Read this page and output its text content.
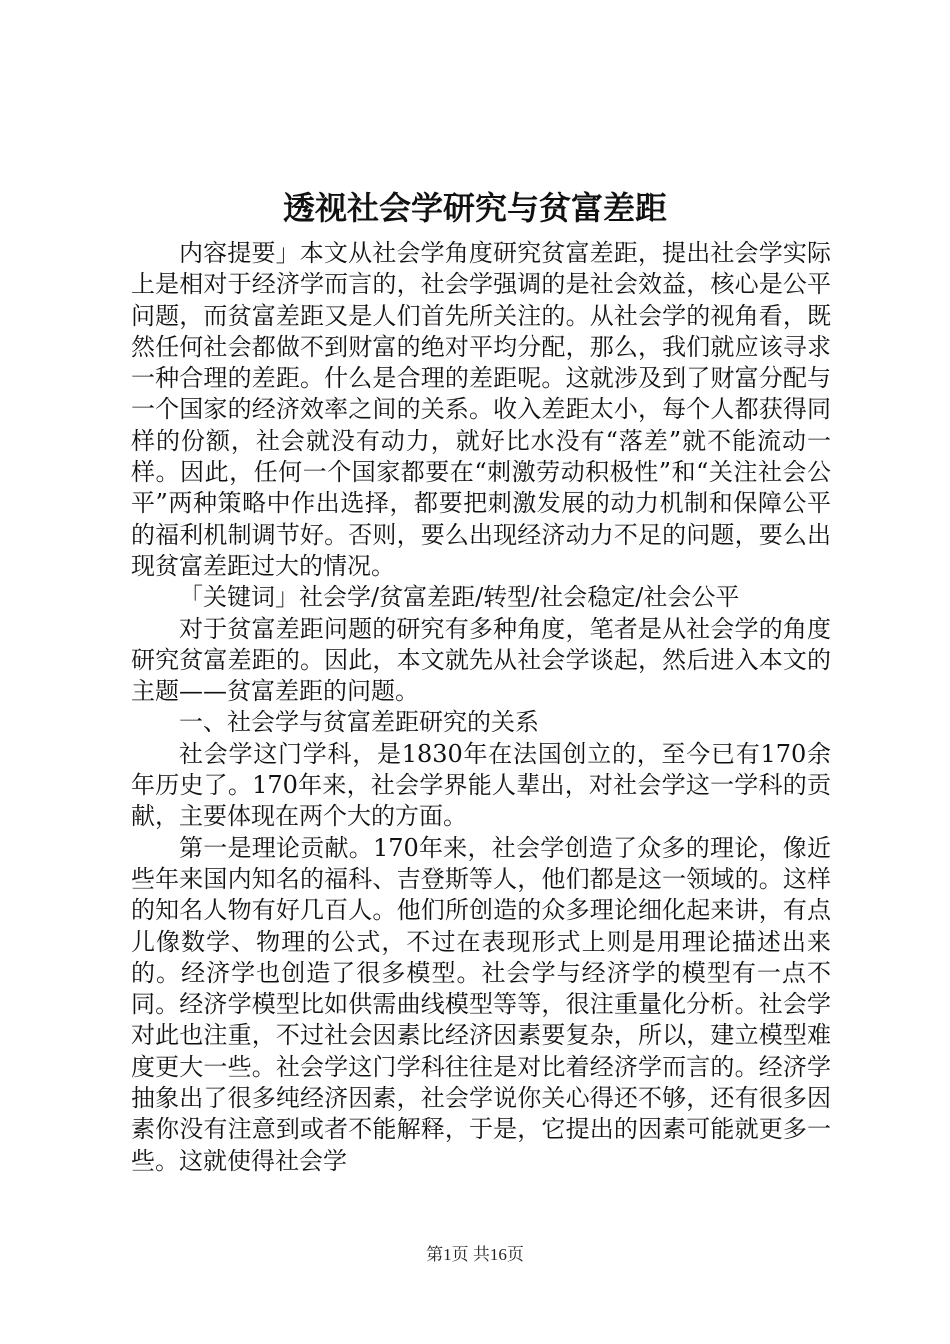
透视社会学研究与贫富差距

内容提要」本文从社会学角度研究贫富差距，提出社会学实际上是相对于经济学而言的，社会学强调的是社会效益，核心是公平问题，而贫富差距又是人们首先所关注的。从社会学的视角看，既然任何社会都做不到财富的绝对平均分配，那么，我们就应该寻求一种合理的差距。什么是合理的差距呢。这就涉及到了财富分配与一个国家的经济效率之间的关系。收入差距太小，每个人都获得同样的份额，社会就没有动力，就好比水没有“落差”就不能流动一样。因此，任何一个国家都要在“刺激劳动积极性”和“关注社会公平”两种策略中作出选择，都要把刺激发展的动力机制和保障公平的福利机制调节好。否则，要么出现经济动力不足的问题，要么出现贫富差距过大的情况。

「关键词」社会学/贫富差距/转型/社会稳定/社会公平

对于贫富差距问题的研究有多种角度，笔者是从社会学的角度研究贫富差距的。因此，本文就先从社会学谈起，然后进入本文的主题——贫富差距的问题。

一、社会学与贫富差距研究的关系

社会学这门学科，是1830年在法国创立的，至今已有170余年历史了。170年来，社会学界能人辈出，对社会学这一学科的贡献，主要体现在两个大的方面。

第一是理论贡献。170年来，社会学创造了众多的理论，像近些年来国内知名的福科、吉登斯等人，他们都是这一领域的。这样的知名人物有好几百人。他们所创造的众多理论细化起来讲，有点儿像数学、物理的公式，不过在表现形式上则是用理论描述出来的。经济学也创造了很多模型。社会学与经济学的模型有一点不同。经济学模型比如供需曲线模型等等，很注重量化分析。社会学对此也注重，不过社会因素比经济因素要复杂，所以，建立模型难度更大一些。社会学这门学科往往是对比着经济学而言的。经济学抽象出了很多纯经济因素，社会学说你关心得还不够，还有很多因素你没有注意到或者不能解释，于是，它提出的因素可能就更多一些。这就使得社会学

第1页 共16页
